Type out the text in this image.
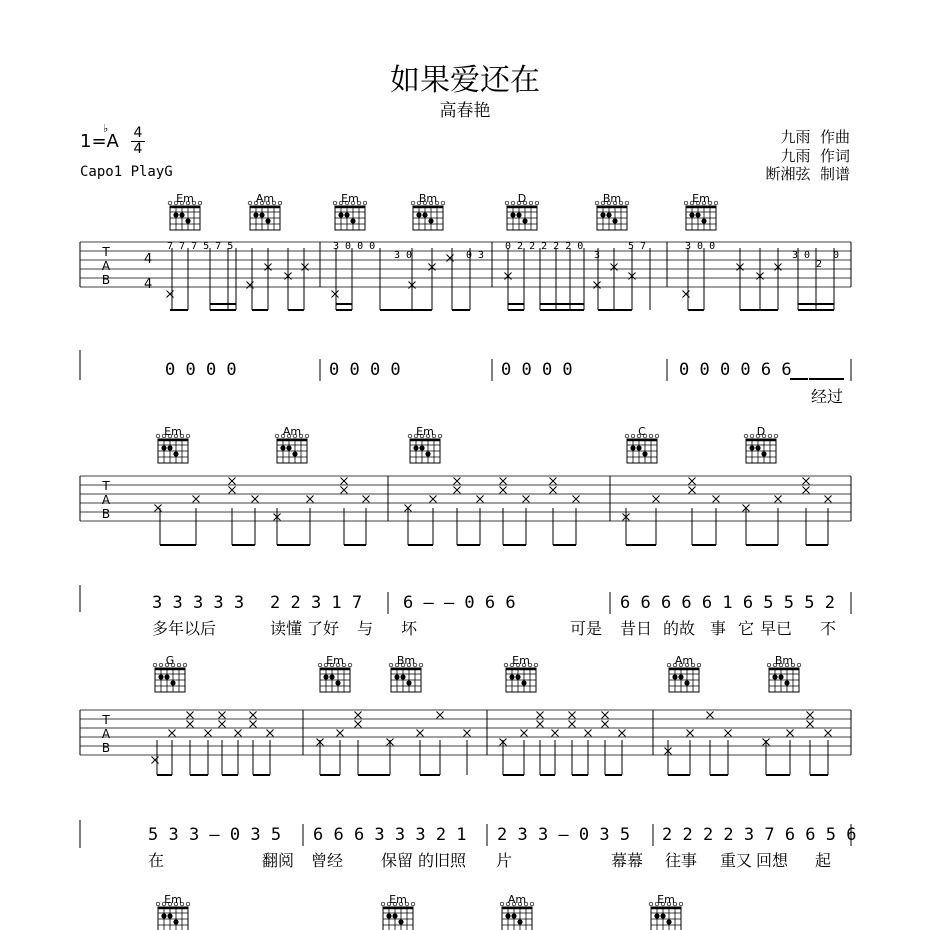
如果爱还在
高春艳
1=A
♭ 4
4
Capo1 PlayG
九雨  作曲
九雨  作词
断湘弦  制谱
Em	Am	Em	Bm	D	Bm	Em
T
A
B
4
4
7 7 7 5 7 5	3 0 0 0
3 0	0 3
0 2 2 2 2 2 0
3
5 7	3 0 0
3 0
2
0
0 0 0 0	0 0 0 0	0 0 0 0	0 0 0 0 6 6
经过
Em	Am	Em	C	D
T
A
B
3 3 3 3 3 2 2 3 1 7 6 — — 0 6 6	6 6 6 6 6 1 6 5 5 5 2
多年以后	读懂 了好 与 坏	可是 昔日 的故 事 它 早已 不
G	Em	Bm	Em	Am	Bm
T
A
B
5 3 3 — 0 3 5 6 6 6 3 3 3 2 1 2 3 3 — 0 3 5 2 2 2 2 3 7 6 6 5 6
在	翻阅 曾经 保留 的旧照 片	幕幕 往事 重又 回想 起
Em	Em	Am	Em
